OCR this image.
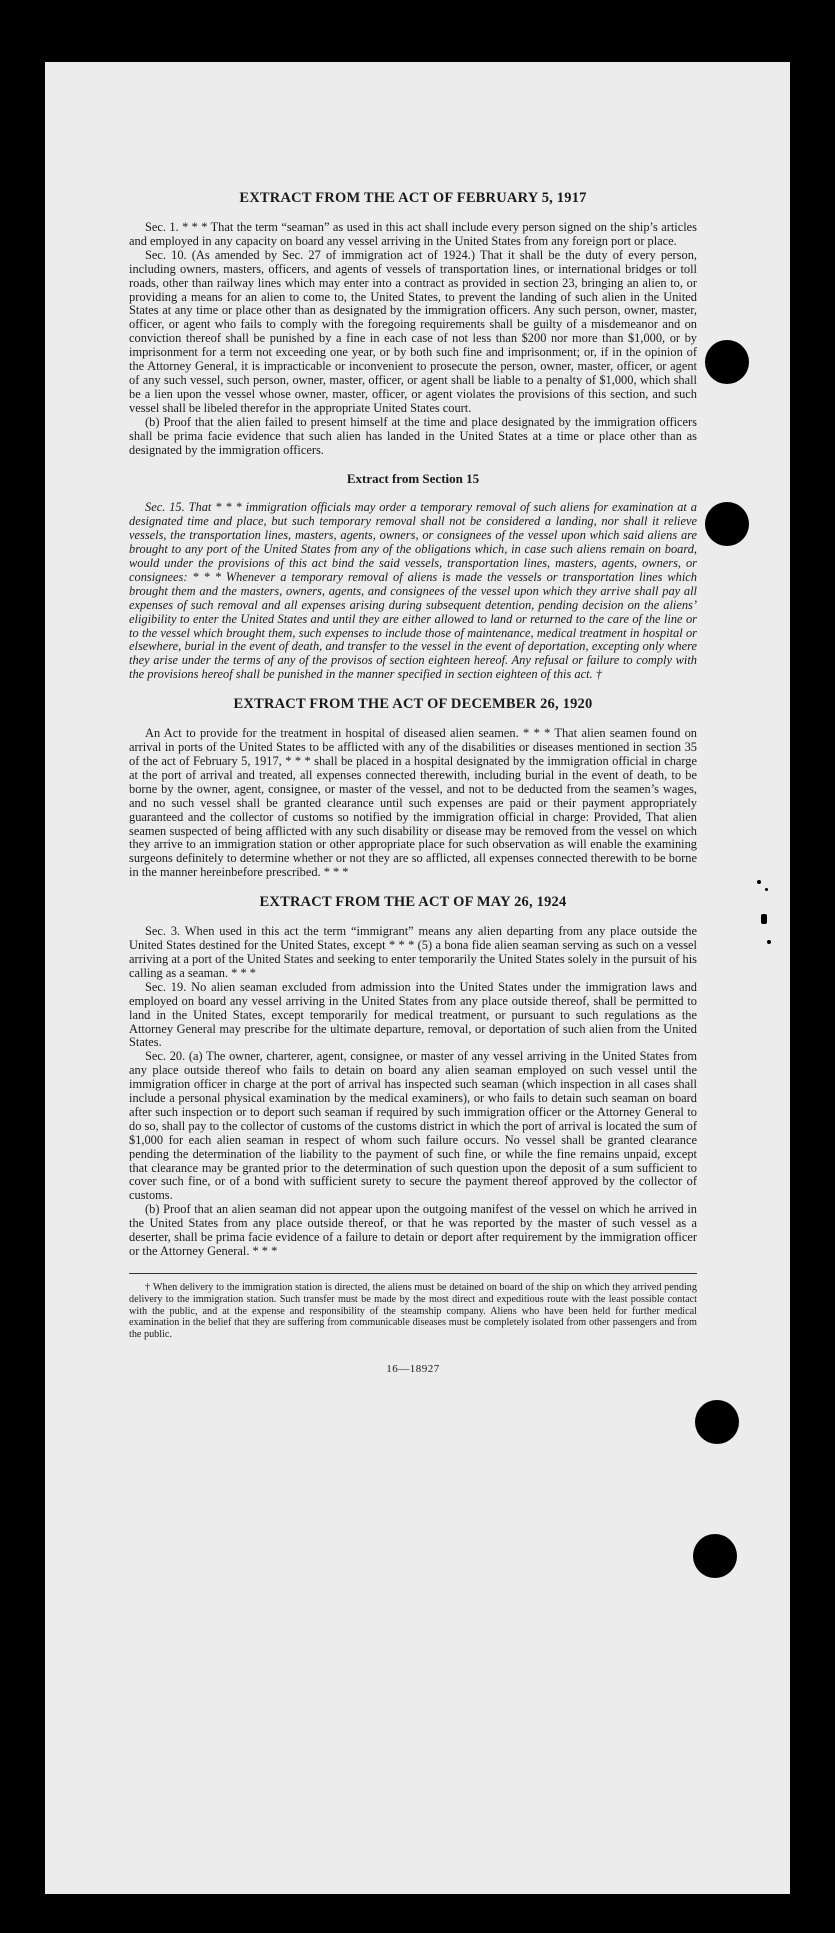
EXTRACT FROM THE ACT OF FEBRUARY 5, 1917

Sec. 1. * * * That the term “seaman” as used in this act shall include every person signed on the ship’s articles and employed in any capacity on board any vessel arriving in the United States from any foreign port or place.

Sec. 10. (As amended by Sec. 27 of immigration act of 1924.) That it shall be the duty of every person, including owners, masters, officers, and agents of vessels of transportation lines, or international bridges or toll roads, other than railway lines which may enter into a contract as provided in section 23, bringing an alien to, or providing a means for an alien to come to, the United States, to prevent the landing of such alien in the United States at any time or place other than as designated by the immigration officers. Any such person, owner, master, officer, or agent who fails to comply with the foregoing requirements shall be guilty of a misdemeanor and on conviction thereof shall be punished by a fine in each case of not less than $200 nor more than $1,000, or by imprisonment for a term not exceeding one year, or by both such fine and imprisonment; or, if in the opinion of the Attorney General, it is impracticable or inconvenient to prosecute the person, owner, master, officer, or agent of any such vessel, such person, owner, master, officer, or agent shall be liable to a penalty of $1,000, which shall be a lien upon the vessel whose owner, master, officer, or agent violates the provisions of this section, and such vessel shall be libeled therefor in the appropriate United States court.

(b) Proof that the alien failed to present himself at the time and place designated by the immigration officers shall be prima facie evidence that such alien has landed in the United States at a time or place other than as designated by the immigration officers.

Extract from Section 15

Sec. 15. That * * * immigration officials may order a temporary removal of such aliens for examination at a designated time and place, but such temporary removal shall not be considered a landing, nor shall it relieve vessels, the transportation lines, masters, agents, owners, or consignees of the vessel upon which said aliens are brought to any port of the United States from any of the obligations which, in case such aliens remain on board, would under the provisions of this act bind the said vessels, transportation lines, masters, agents, owners, or consignees: * * * Whenever a temporary removal of aliens is made the vessels or transportation lines which brought them and the masters, owners, agents, and consignees of the vessel upon which they arrive shall pay all expenses of such removal and all expenses arising during subsequent detention, pending decision on the aliens’ eligibility to enter the United States and until they are either allowed to land or returned to the care of the line or to the vessel which brought them, such expenses to include those of maintenance, medical treatment in hospital or elsewhere, burial in the event of death, and transfer to the vessel in the event of deportation, excepting only where they arise under the terms of any of the provisos of section eighteen hereof. Any refusal or failure to comply with the provisions hereof shall be punished in the manner specified in section eighteen of this act. †

EXTRACT FROM THE ACT OF DECEMBER 26, 1920

An Act to provide for the treatment in hospital of diseased alien seamen. * * * That alien seamen found on arrival in ports of the United States to be afflicted with any of the disabilities or diseases mentioned in section 35 of the act of February 5, 1917, * * * shall be placed in a hospital designated by the immigration official in charge at the port of arrival and treated, all expenses connected therewith, including burial in the event of death, to be borne by the owner, agent, consignee, or master of the vessel, and not to be deducted from the seamen’s wages, and no such vessel shall be granted clearance until such expenses are paid or their payment appropriately guaranteed and the collector of customs so notified by the immigration official in charge: Provided, That alien seamen suspected of being afflicted with any such disability or disease may be removed from the vessel on which they arrive to an immigration station or other appropriate place for such observation as will enable the examining surgeons definitely to determine whether or not they are so afflicted, all expenses connected therewith to be borne in the manner hereinbefore prescribed. * * *

EXTRACT FROM THE ACT OF MAY 26, 1924

Sec. 3. When used in this act the term “immigrant” means any alien departing from any place outside the United States destined for the United States, except * * * (5) a bona fide alien seaman serving as such on a vessel arriving at a port of the United States and seeking to enter temporarily the United States solely in the pursuit of his calling as a seaman. * * *

Sec. 19. No alien seaman excluded from admission into the United States under the immigration laws and employed on board any vessel arriving in the United States from any place outside thereof, shall be permitted to land in the United States, except temporarily for medical treatment, or pursuant to such regulations as the Attorney General may prescribe for the ultimate departure, removal, or deportation of such alien from the United States.

Sec. 20. (a) The owner, charterer, agent, consignee, or master of any vessel arriving in the United States from any place outside thereof who fails to detain on board any alien seaman employed on such vessel until the immigration officer in charge at the port of arrival has inspected such seaman (which inspection in all cases shall include a personal physical examination by the medical examiners), or who fails to detain such seaman on board after such inspection or to deport such seaman if required by such immigration officer or the Attorney General to do so, shall pay to the collector of customs of the customs district in which the port of arrival is located the sum of $1,000 for each alien seaman in respect of whom such failure occurs. No vessel shall be granted clearance pending the determination of the liability to the payment of such fine, or while the fine remains unpaid, except that clearance may be granted prior to the determination of such question upon the deposit of a sum sufficient to cover such fine, or of a bond with sufficient surety to secure the payment thereof approved by the collector of customs.

(b) Proof that an alien seaman did not appear upon the outgoing manifest of the vessel on which he arrived in the United States from any place outside thereof, or that he was reported by the master of such vessel as a deserter, shall be prima facie evidence of a failure to detain or deport after requirement by the immigration officer or the Attorney General. * * *

† When delivery to the immigration station is directed, the aliens must be detained on board of the ship on which they arrived pending delivery to the immigration station. Such transfer must be made by the most direct and expeditious route with the least possible contact with the public, and at the expense and responsibility of the steamship company. Aliens who have been held for further medical examination in the belief that they are suffering from communicable diseases must be completely isolated from other passengers and from the public.

16—18927
